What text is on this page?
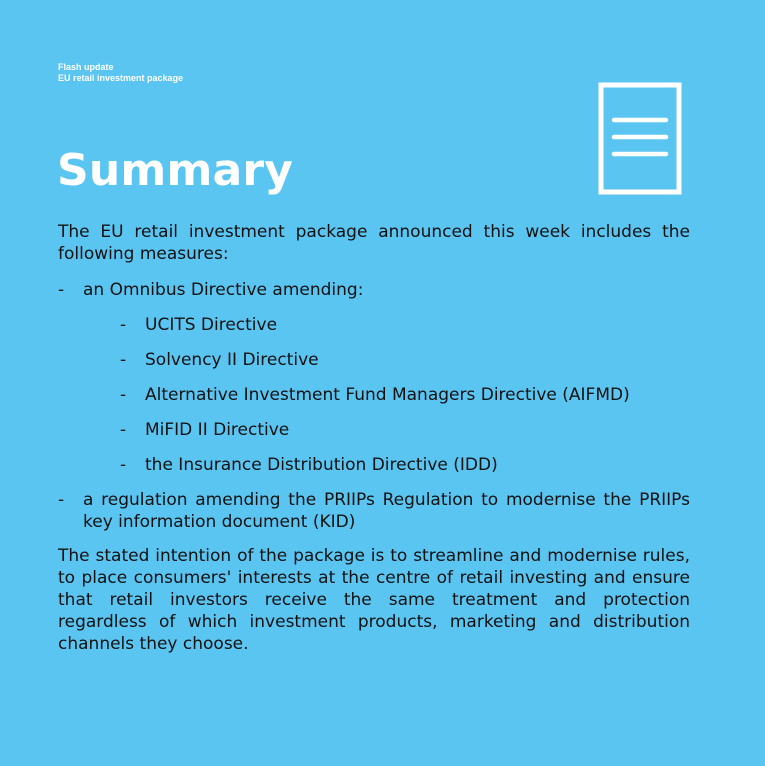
Flash update
EU retail investment package
Summary

The EU retail investment package announced this week includes the following measures:

- an Omnibus Directive amending:
- UCITS Directive
- Solvency II Directive
- Alternative Investment Fund Managers Directive (AIFMD)
- MiFID II Directive
- the Insurance Distribution Directive (IDD)
- a regulation amending the PRIIPs Regulation to modernise the PRIIPs key information document (KID)

The stated intention of the package is to streamline and modernise rules, to place consumers' interests at the centre of retail investing and ensure that retail investors receive the same treatment and protection regardless of which investment products, marketing and distribution channels they choose.
